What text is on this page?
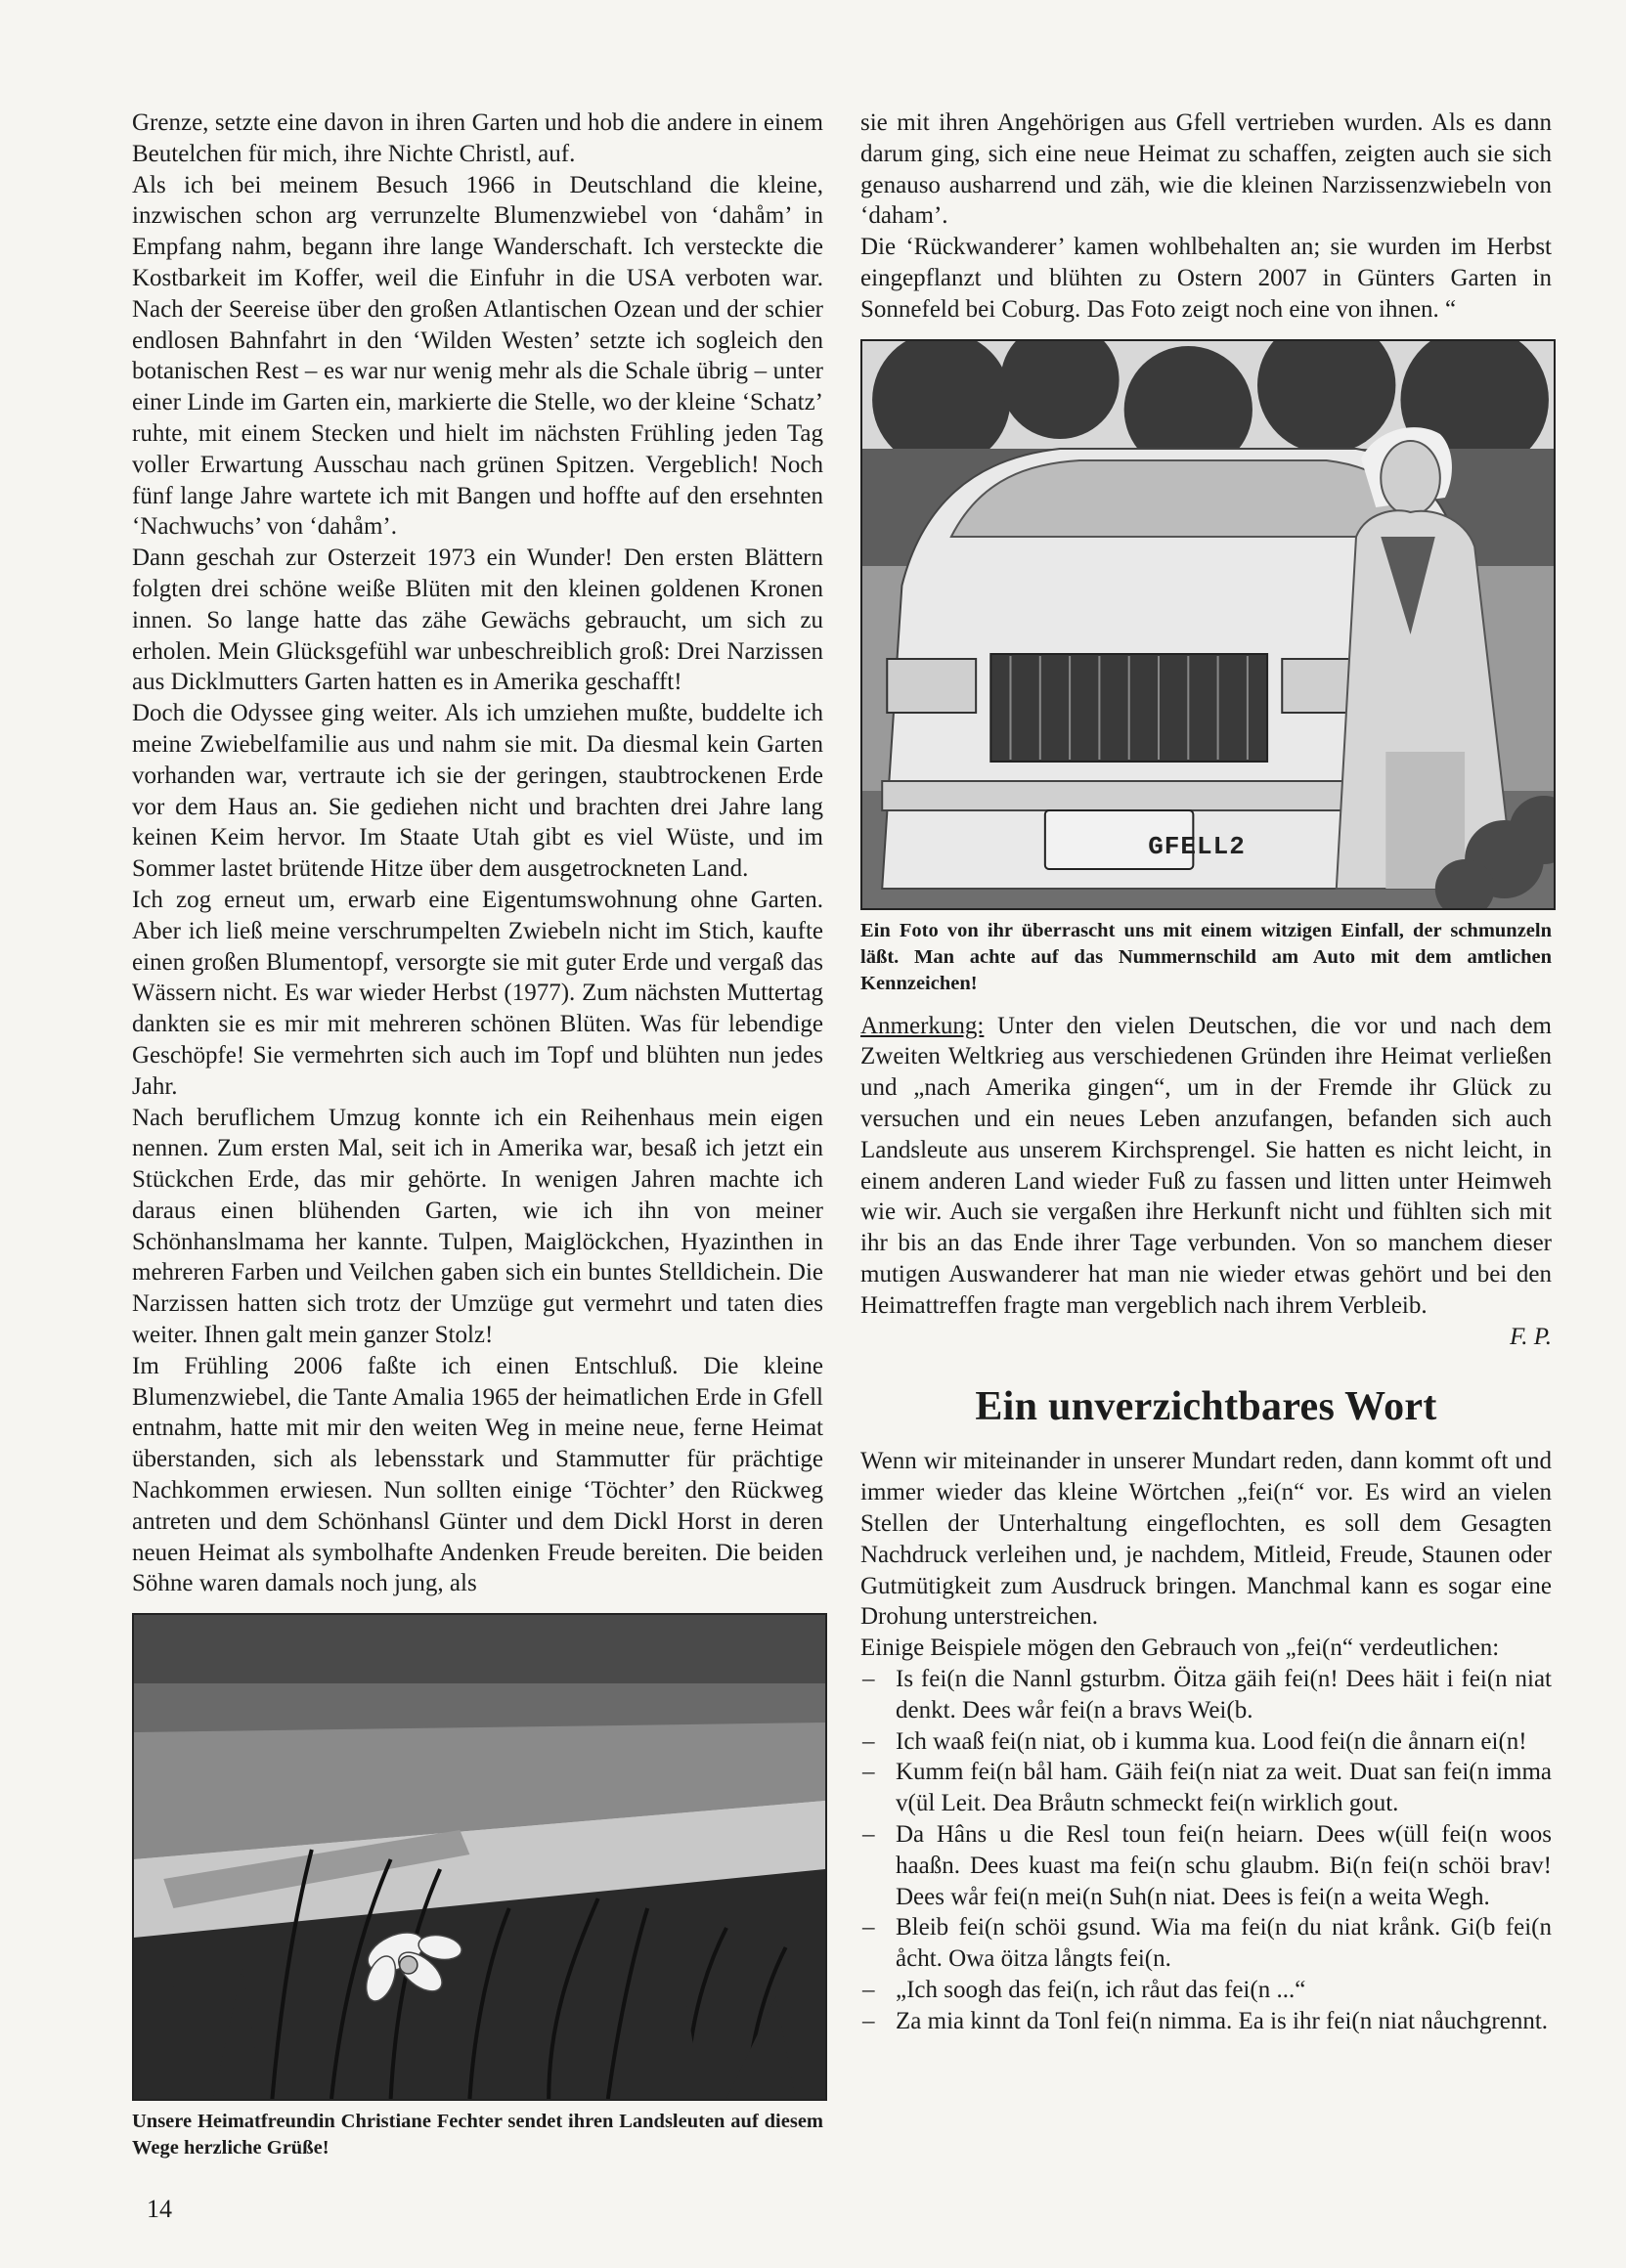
Grenze, setzte eine davon in ihren Garten und hob die andere in einem Beutelchen für mich, ihre Nichte Christl, auf.

Als ich bei meinem Besuch 1966 in Deutschland die kleine, inzwischen schon arg verrunzelte Blumenzwiebel von ‘dahåm’ in Empfang nahm, begann ihre lange Wanderschaft. Ich versteckte die Kostbarkeit im Koffer, weil die Einfuhr in die USA verboten war. Nach der Seereise über den großen Atlantischen Ozean und der schier endlosen Bahnfahrt in den ‘Wilden Westen’ setzte ich sogleich den botanischen Rest – es war nur wenig mehr als die Schale übrig – unter einer Linde im Garten ein, markierte die Stelle, wo der kleine ‘Schatz’ ruhte, mit einem Stecken und hielt im nächsten Frühling jeden Tag voller Erwartung Ausschau nach grünen Spitzen. Vergeblich! Noch fünf lange Jahre wartete ich mit Bangen und hoffte auf den ersehnten ‘Nachwuchs’ von ‘dahåm’.

Dann geschah zur Osterzeit 1973 ein Wunder! Den ersten Blättern folgten drei schöne weiße Blüten mit den kleinen goldenen Kronen innen. So lange hatte das zähe Gewächs gebraucht, um sich zu erholen. Mein Glücksgefühl war unbeschreiblich groß: Drei Narzissen aus Dicklmutters Garten hatten es in Amerika geschafft!

Doch die Odyssee ging weiter. Als ich umziehen mußte, buddelte ich meine Zwiebelfamilie aus und nahm sie mit. Da diesmal kein Garten vorhanden war, vertraute ich sie der geringen, staubtrockenen Erde vor dem Haus an. Sie gediehen nicht und brachten drei Jahre lang keinen Keim hervor. Im Staate Utah gibt es viel Wüste, und im Sommer lastet brütende Hitze über dem ausgetrockneten Land.

Ich zog erneut um, erwarb eine Eigentumswohnung ohne Garten. Aber ich ließ meine verschrumpelten Zwiebeln nicht im Stich, kaufte einen großen Blumentopf, versorgte sie mit guter Erde und vergaß das Wässern nicht. Es war wieder Herbst (1977). Zum nächsten Muttertag dankten sie es mir mit mehreren schönen Blüten. Was für lebendige Geschöpfe! Sie vermehrten sich auch im Topf und blühten nun jedes Jahr.

Nach beruflichem Umzug konnte ich ein Reihenhaus mein eigen nennen. Zum ersten Mal, seit ich in Amerika war, besaß ich jetzt ein Stückchen Erde, das mir gehörte. In wenigen Jahren machte ich daraus einen blühenden Garten, wie ich ihn von meiner Schönhanslmama her kannte. Tulpen, Maiglöckchen, Hyazinthen in mehreren Farben und Veilchen gaben sich ein buntes Stelldichein. Die Narzissen hatten sich trotz der Umzüge gut vermehrt und taten dies weiter. Ihnen galt mein ganzer Stolz!

Im Frühling 2006 faßte ich einen Entschluß. Die kleine Blumenzwiebel, die Tante Amalia 1965 der heimatlichen Erde in Gfell entnahm, hatte mit mir den weiten Weg in meine neue, ferne Heimat überstanden, sich als lebensstark und Stammutter für prächtige Nachkommen erwiesen. Nun sollten einige ‘Töchter’ den Rückweg antreten und dem Schönhansl Günter und dem Dickl Horst in deren neuen Heimat als symbolhafte Andenken Freude bereiten. Die beiden Söhne waren damals noch jung, als

Unsere Heimatfreundin Christiane Fechter sendet ihren Landsleuten auf diesem Wege herzliche Grüße!

sie mit ihren Angehörigen aus Gfell vertrieben wurden. Als es dann darum ging, sich eine neue Heimat zu schaffen, zeigten auch sie sich genauso ausharrend und zäh, wie die kleinen Narzissenzwiebeln von ‘daham’.

Die ‘Rückwanderer’ kamen wohlbehalten an; sie wurden im Herbst eingepflanzt und blühten zu Ostern 2007 in Günters Garten in Sonnefeld bei Coburg. Das Foto zeigt noch eine von ihnen. “

GFELL2
Ein Foto von ihr überrascht uns mit einem witzigen Einfall, der schmunzeln läßt. Man achte auf das Nummernschild am Auto mit dem amtlichen Kennzeichen!

Anmerkung: Unter den vielen Deutschen, die vor und nach dem Zweiten Weltkrieg aus verschiedenen Gründen ihre Heimat verließen und „nach Amerika gingen“, um in der Fremde ihr Glück zu versuchen und ein neues Leben anzufangen, befanden sich auch Landsleute aus unserem Kirchsprengel. Sie hatten es nicht leicht, in einem anderen Land wieder Fuß zu fassen und litten unter Heimweh wie wir. Auch sie vergaßen ihre Herkunft nicht und fühlten sich mit ihr bis an das Ende ihrer Tage verbunden. Von so manchem dieser mutigen Auswanderer hat man nie wieder etwas gehört und bei den Heimattreffen fragte man vergeblich nach ihrem Verbleib.

F. P.

Ein unverzichtbares Wort

Wenn wir miteinander in unserer Mundart reden, dann kommt oft und immer wieder das kleine Wörtchen „fei(n“ vor. Es wird an vielen Stellen der Unterhaltung eingeflochten, es soll dem Gesagten Nachdruck verleihen und, je nachdem, Mitleid, Freude, Staunen oder Gutmütigkeit zum Ausdruck bringen. Manchmal kann es sogar eine Drohung unterstreichen.

Einige Beispiele mögen den Gebrauch von „fei(n“ verdeutlichen:

– Is fei(n die Nannl gsturbm. Öitza gäih fei(n! Dees häit i fei(n niat denkt. Dees wår fei(n a bravs Wei(b.
– Ich waaß fei(n niat, ob i kumma kua. Lood fei(n die ånnarn ei(n!
– Kumm fei(n bål ham. Gäih fei(n niat za weit. Duat san fei(n imma v(ül Leit. Dea Bråutn schmeckt fei(n wirklich gout.
– Da Hâns u die Resl toun fei(n heiarn. Dees w(üll fei(n woos haaßn. Dees kuast ma fei(n schu glaubm. Bi(n fei(n schöi brav! Dees wår fei(n mei(n Suh(n niat. Dees is fei(n a weita Wegh.
– Bleib fei(n schöi gsund. Wia ma fei(n du niat krånk. Gi(b fei(n åcht. Owa öitza långts fei(n.
– „Ich soogh das fei(n, ich råut das fei(n ...“
– Za mia kinnt da Tonl fei(n nimma. Ea is ihr fei(n niat nåuchgrennt.
14
